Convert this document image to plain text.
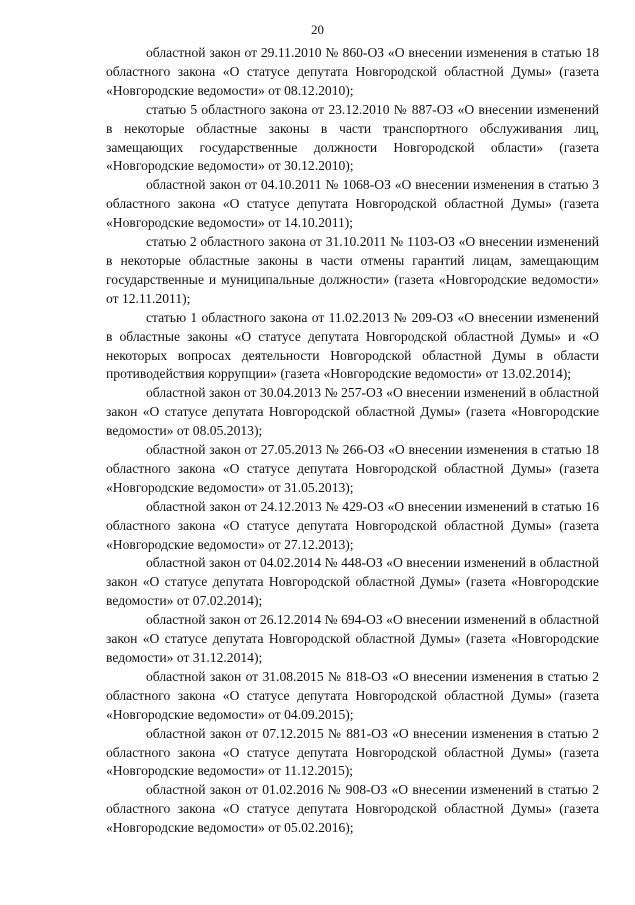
20

областной закон от 29.11.2010 № 860-ОЗ «О внесении изменения в статью 18 областного закона «О статусе депутата Новгородской областной Думы» (газета «Новгородские ведомости» от 08.12.2010);

статью 5 областного закона от 23.12.2010 № 887-ОЗ «О внесении изменений в некоторые областные законы в части транспортного обслуживания лиц, замещающих государственные должности Новгородской области» (газета «Новгородские ведомости» от 30.12.2010);

областной закон от 04.10.2011 № 1068-ОЗ «О внесении изменения в статью 3 областного закона «О статусе депутата Новгородской областной Думы» (газета «Новгородские ведомости» от 14.10.2011);

статью 2 областного закона от 31.10.2011 № 1103-ОЗ «О внесении изменений в некоторые областные законы в части отмены гарантий лицам, замещающим государственные и муниципальные должности» (газета «Новгородские ведомости» от 12.11.2011);

статью 1 областного закона от 11.02.2013 № 209-ОЗ «О внесении изменений в областные законы «О статусе депутата Новгородской областной Думы» и «О некоторых вопросах деятельности Новгородской областной Думы в области противодействия коррупции» (газета «Новгородские ведомости» от 13.02.2014);

областной закон от 30.04.2013 № 257-ОЗ «О внесении изменений в областной закон «О статусе депутата Новгородской областной Думы» (газета «Новгородские ведомости» от 08.05.2013);

областной закон от 27.05.2013 № 266-ОЗ «О внесении изменения в статью 18 областного закона «О статусе депутата Новгородской областной Думы» (газета «Новгородские ведомости» от 31.05.2013);

областной закон от 24.12.2013 № 429-ОЗ «О внесении изменений в статью 16 областного закона «О статусе депутата Новгородской областной Думы» (газета «Новгородские ведомости» от 27.12.2013);

областной закон от 04.02.2014 № 448-ОЗ «О внесении изменений в областной закон «О статусе депутата Новгородской областной Думы» (газета «Новгородские ведомости» от 07.02.2014);

областной закон от 26.12.2014 № 694-ОЗ «О внесении изменений в областной закон «О статусе депутата Новгородской областной Думы» (газета «Новгородские ведомости» от 31.12.2014);

областной закон от 31.08.2015 № 818-ОЗ «О внесении изменения в статью 2 областного закона «О статусе депутата Новгородской областной Думы» (газета «Новгородские ведомости» от 04.09.2015);

областной закон от 07.12.2015 № 881-ОЗ «О внесении изменения в статью 2 областного закона «О статусе депутата Новгородской областной Думы» (газета «Новгородские ведомости» от 11.12.2015);

областной закон от 01.02.2016 № 908-ОЗ «О внесении изменений в статью 2 областного закона «О статусе депутата Новгородской областной Думы» (газета «Новгородские ведомости» от 05.02.2016);
